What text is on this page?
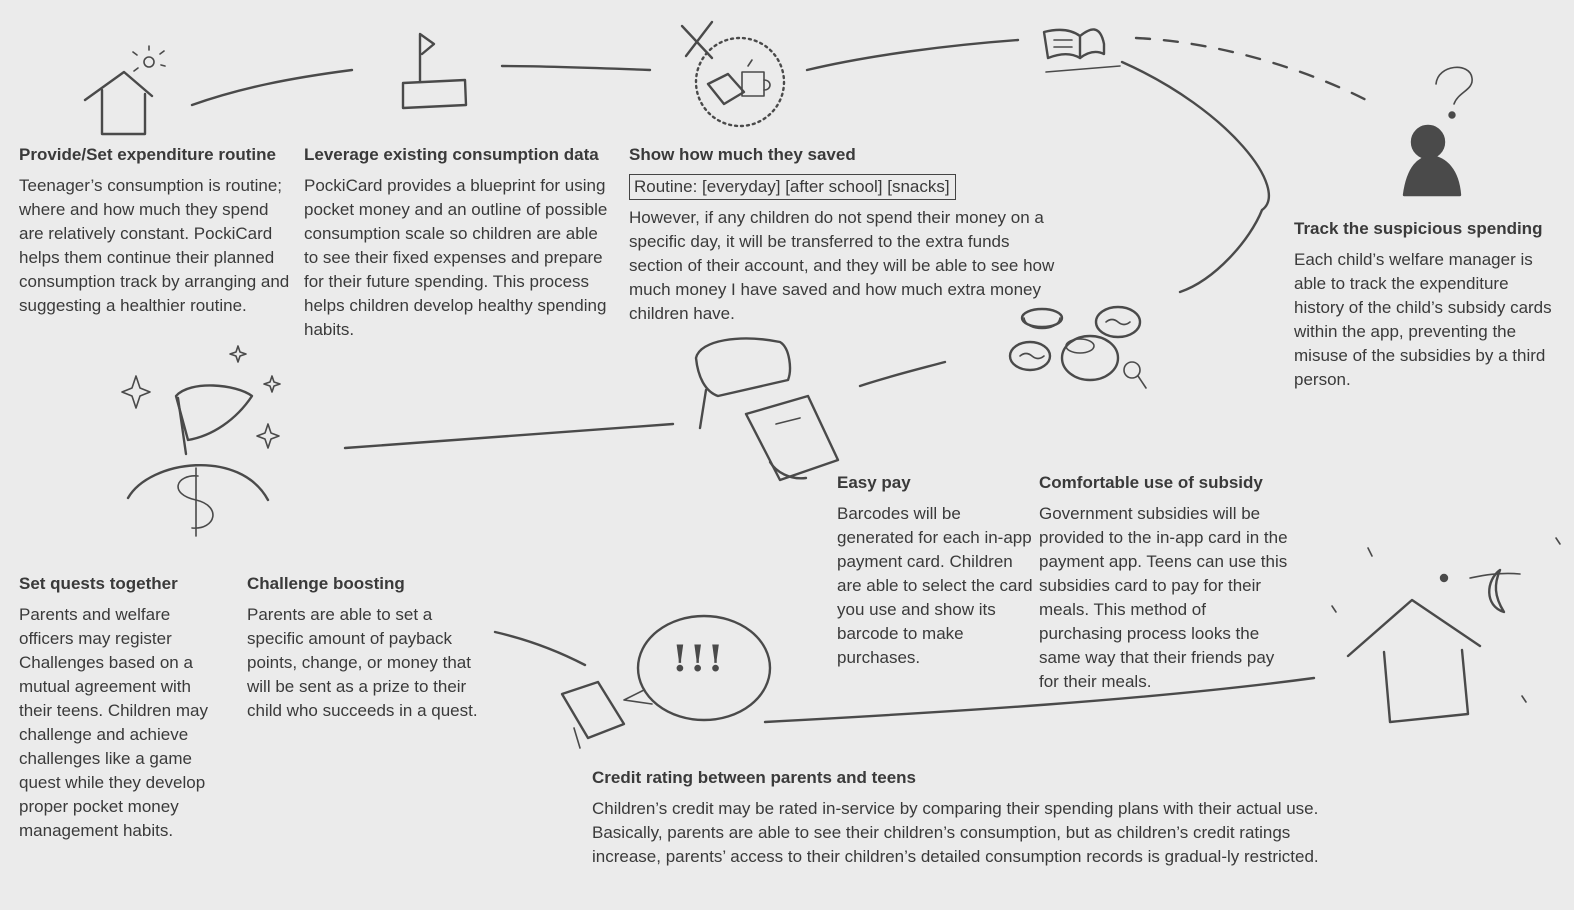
!!!
Provide/Set expenditure routine

Teenager’s consumption is routine; where and how much they spend are relatively constant. PockiCard helps them continue their planned consumption track by arranging and suggesting a healthier routine.

Leverage existing consumption data

PockiCard provides a blueprint for using pocket money and an outline of possible consumption scale so children are able to see their fixed expenses and prepare for their future spending. This process helps children develop healthy spending habits.

Show how much they saved
Routine: [everyday] [after school] [snacks]

However, if any children do not spend their money on a specific day, it will be transferred to the extra funds section of their account, and they will be able to see how much money I have saved and how much extra money children have.

Track the suspicious spending

Each child’s welfare manager is able to track the expenditure history of the child’s subsidy cards within the app, preventing the misuse of the subsidies by a third person.

Easy pay

Barcodes will be generated for each in-app payment card. Children are able to select the card you use and show its barcode to make purchases.

Comfortable use of subsidy

Government subsidies will be provided to the in-app card in the payment app. Teens can use this subsidies card to pay for their meals. This method of purchasing process looks the same way that their friends pay for their meals.

Set quests together

Parents and welfare officers may register Challenges based on a mutual agreement with their teens. Children may challenge and achieve challenges like a game quest while they develop proper pocket money management habits.

Challenge boosting

Parents are able to set a specific amount of payback points, change, or money that will be sent as a prize to their child who succeeds in a quest.

Credit rating between parents and teens

Children’s credit may be rated in-service by comparing their spending plans with their actual use. Basically, parents are able to see their children’s consumption, but as children’s credit ratings increase, parents’ access to their children’s detailed consumption records is gradual-ly restricted.
